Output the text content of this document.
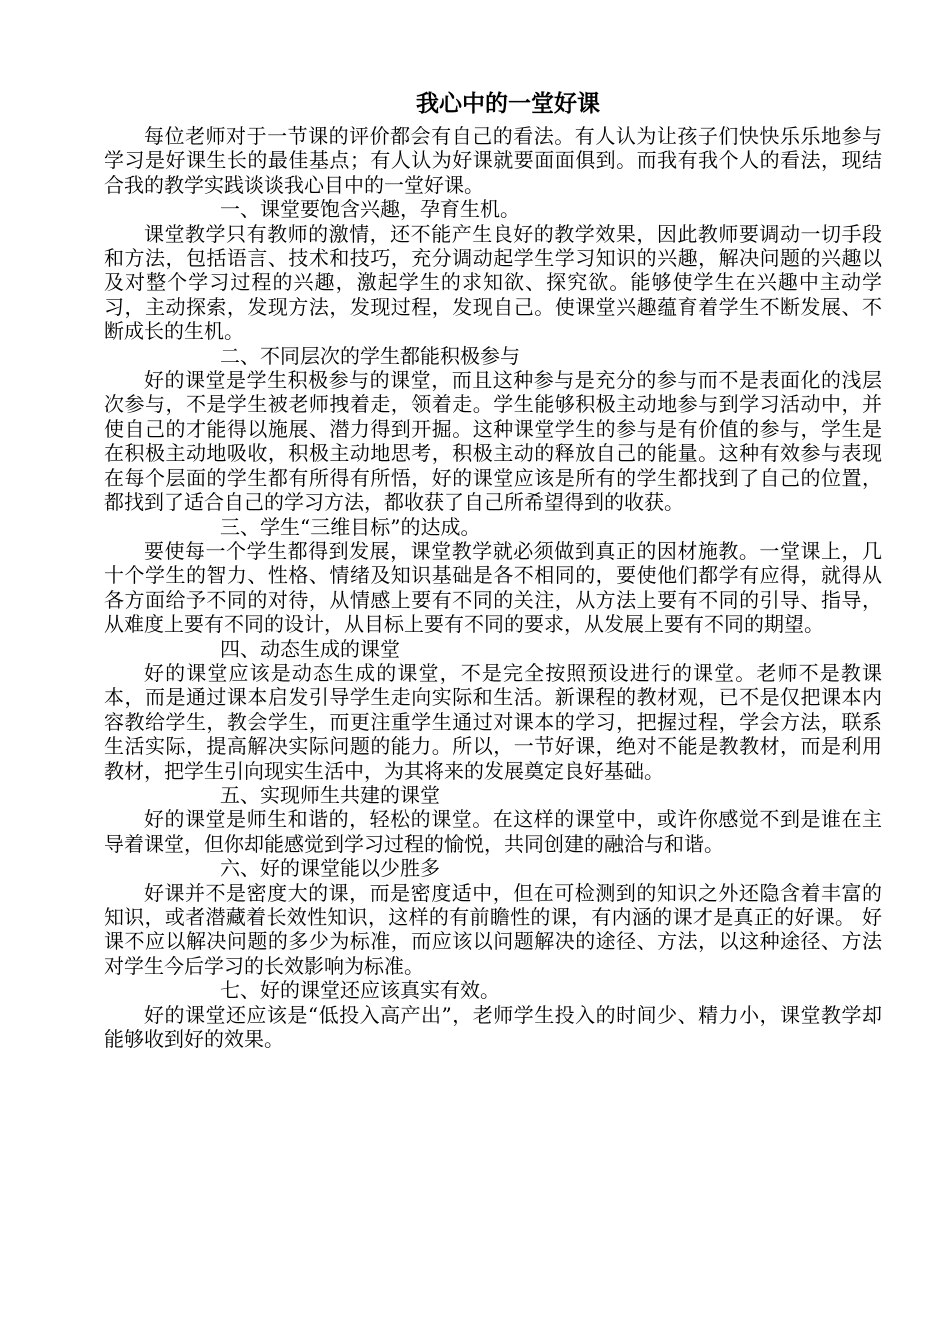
我心中的一堂好课

每位老师对于一节课的评价都会有自己的看法。有人认为让孩子们快快乐乐地参与学习是好课生长的最佳基点；有人认为好课就要面面俱到。而我有我个人的看法，现结合我的教学实践谈谈我心目中的一堂好课。

一、课堂要饱含兴趣，孕育生机。

课堂教学只有教师的激情，还不能产生良好的教学效果，因此教师要调动一切手段和方法，包括语言、技术和技巧，充分调动起学生学习知识的兴趣，解决问题的兴趣以及对整个学习过程的兴趣，激起学生的求知欲、探究欲。能够使学生在兴趣中主动学习，主动探索，发现方法，发现过程，发现自己。使课堂兴趣蕴育着学生不断发展、不断成长的生机。

二、不同层次的学生都能积极参与

好的课堂是学生积极参与的课堂，而且这种参与是充分的参与而不是表面化的浅层次参与，不是学生被老师拽着走，领着走。学生能够积极主动地参与到学习活动中，并使自己的才能得以施展、潜力得到开掘。这种课堂学生的参与是有价值的参与，学生是在积极主动地吸收，积极主动地思考，积极主动的释放自己的能量。这种有效参与表现在每个层面的学生都有所得有所悟，好的课堂应该是所有的学生都找到了自己的位置，都找到了适合自己的学习方法，都收获了自己所希望得到的收获。

三、学生“三维目标”的达成。

要使每一个学生都得到发展，课堂教学就必须做到真正的因材施教。一堂课上，几十个学生的智力、性格、情绪及知识基础是各不相同的，要使他们都学有应得，就得从各方面给予不同的对待，从情感上要有不同的关注，从方法上要有不同的引导、指导，从难度上要有不同的设计，从目标上要有不同的要求，从发展上要有不同的期望。

四、动态生成的课堂

好的课堂应该是动态生成的课堂，不是完全按照预设进行的课堂。老师不是教课本，而是通过课本启发引导学生走向实际和生活。新课程的教材观，已不是仅把课本内容教给学生，教会学生，而更注重学生通过对课本的学习，把握过程，学会方法，联系生活实际，提高解决实际问题的能力。所以，一节好课，绝对不能是教教材，而是利用教材，把学生引向现实生活中，为其将来的发展奠定良好基础。

五、实现师生共建的课堂

好的课堂是师生和谐的，轻松的课堂。在这样的课堂中，或许你感觉不到是谁在主导着课堂，但你却能感觉到学习过程的愉悦，共同创建的融洽与和谐。

六、好的课堂能以少胜多

好课并不是密度大的课，而是密度适中，但在可检测到的知识之外还隐含着丰富的知识，或者潜藏着长效性知识，这样的有前瞻性的课，有内涵的课才是真正的好课。 好课不应以解决问题的多少为标准，而应该以问题解决的途径、方法，以这种途径、方法对学生今后学习的长效影响为标准。

七、好的课堂还应该真实有效。

好的课堂还应该是“低投入高产出”，老师学生投入的时间少、精力小，课堂教学却能够收到好的效果。
